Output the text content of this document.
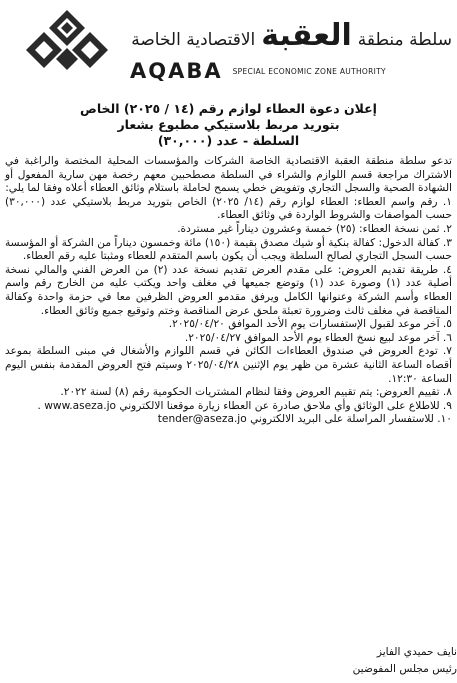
سلطة منطقة
العقبة
الاقتصادية الخاصة
AQABA SPECIAL ECONOMIC ZONE AUTHORITY
إعلان دعوة العطاء لوازم رقم (١٤ / ٢٠٢٥) الخاص
بتوريد مربط بلاستيكي مطبوع بشعار
السلطة - عدد (٣٠,٠٠٠)

تدعو سلطة منطقة العقبة الاقتصادية الخاصة الشركات والمؤسسات المحلية المختصة والراغبة في الاشتراك مراجعة قسم اللوازم والشراء في السلطة مصطحبين معهم رخصة مهن سارية المفعول أو الشهادة الصحية والسجل التجاري وتفويض خطي يسمح لحاملة باستلام وثائق العطاء أعلاه وفقا لما يلي:

١. رقم واسم العطاء: العطاء لوازم رقم (١٤/ ٢٠٢٥) الخاص بتوريد مربط بلاستيكي عدد (٣٠,٠٠٠) حسب المواصفات والشروط الواردة في وثائق العطاء.

٢. ثمن نسخة العطاء: (٢٥) خمسة وعشرون ديناراً غير مستردة.

٣. كفالة الدخول: كفالة بنكية أو شيك مصدق بقيمة (١٥٠) مائة وخمسون ديناراً من الشركة أو المؤسسة حسب السجل التجاري لصالح السلطة ويجب أن يكون باسم المتقدم للعطاء ومثبتا عليه رقم العطاء.

٤. طريقة تقديم العروض: على مقدم العرض تقديم نسخة عدد (٢) من العرض الفني والمالي نسخة أصلية عدد (١) وصورة عدد (١) وتوضع جميعها في مغلف واحد ويكتب عليه من الخارج رقم واسم العطاء وأسم الشركة وعنوانها الكامل ويرفق مقدمو العروض الظرفين معا في حزمة واحدة وكفالة المناقصة في مغلف ثالث وضرورة تعبئة ملحق عرض المناقصة وختم وتوقيع جميع وثائق العطاء.

٥. آخر موعد لقبول الإستفسارات يوم الأحد الموافق ٢٠٢٥/٠٤/٢٠.

٦. آخر موعد لبيع نسخ العطاء يوم الأحد الموافق ٢٠٢٥/٠٤/٢٧.

٧. تودع العروض في صندوق العطاءات الكائن في قسم اللوازم والأشغال في مبنى السلطة بموعد أقصاه الساعة الثانية عشرة من ظهر يوم الإثنين ٢٠٢٥/٠٤/٢٨ وسيتم فتح العروض المقدمة بنفس اليوم الساعة ١٢:٣٠.

٨. تقييم العروض: يتم تقييم العروض وفقا لنظام المشتريات الحكومية رقم (٨) لسنة ٢٠٢٢.

٩. للاطلاع على الوثائق وأي ملاحق صادرة عن العطاء زيارة موقعنا الالكتروني www.aseza.jo .

١٠. للاستفسار المراسلة على البريد الالكتروني tender@aseza.jo

نايف حميدي الفايز
رئيس مجلس المفوضين
